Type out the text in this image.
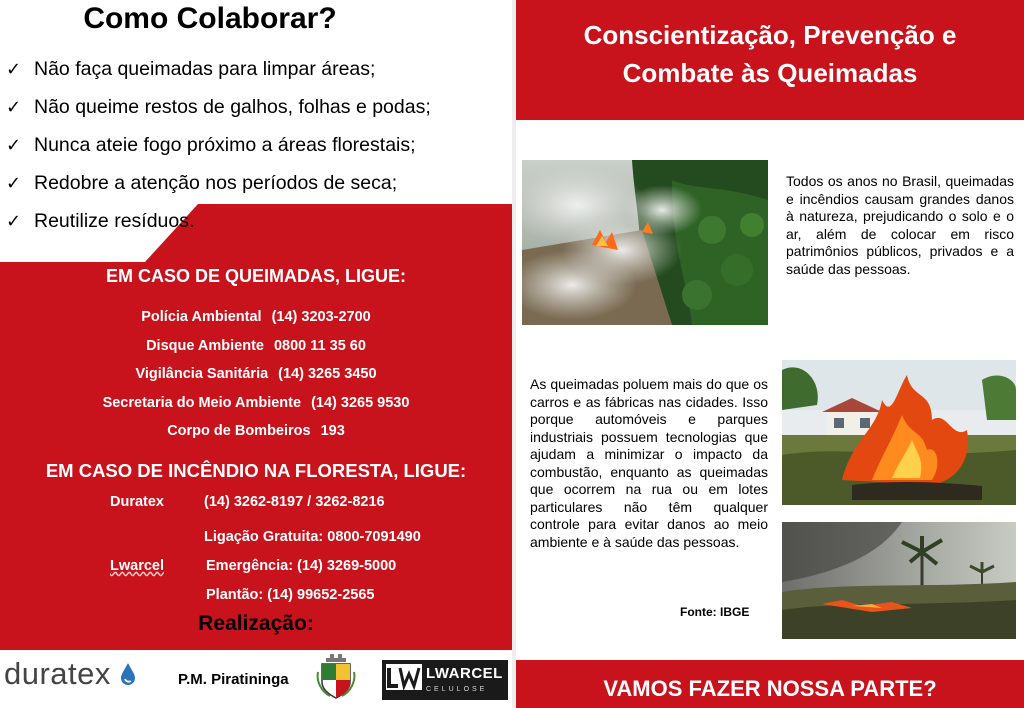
Como Colaborar?
✓ Não faça queimadas para limpar áreas;
✓ Não queime restos de galhos, folhas e podas;
✓ Nunca ateie fogo próximo a áreas florestais;
✓ Redobre a atenção nos períodos de seca;
✓ Reutilize resíduos.
EM CASO DE QUEIMADAS, LIGUE:
Polícia Ambiental (14) 3203-2700
Disque Ambiente 0800 11 35 60
Vigilância Sanitária (14) 3265 3450
Secretaria do Meio Ambiente (14) 3265 9530
Corpo de Bombeiros 193
EM CASO DE INCÊNDIO NA FLORESTA, LIGUE:
Duratex	(14) 3262-8197 / 3262-8216
Ligação Gratuita: 0800-7091490
Lwarcel	Emergência: (14) 3269-5000
Plantão: (14) 99652-2565
Realização:
duratex	P.M. Piratininga	LWARCEL
CELULOSE
Conscientização, Prevenção e
Combate às Queimadas
Todos os anos no Brasil, queimadas e incêndios causam grandes danos à natureza, prejudicando o solo e o ar, além de colocar em risco patrimônios públicos, privados e a saúde das pessoas.
As queimadas poluem mais do que os carros e as fábricas nas cidades. Isso porque automóveis e parques industriais possuem tecnologias que ajudam a minimizar o impacto da combustão, enquanto as queimadas que ocorrem na rua ou em lotes particulares não têm qualquer controle para evitar danos ao meio ambiente e à saúde das pessoas.
Fonte: IBGE
VAMOS FAZER NOSSA PARTE?
